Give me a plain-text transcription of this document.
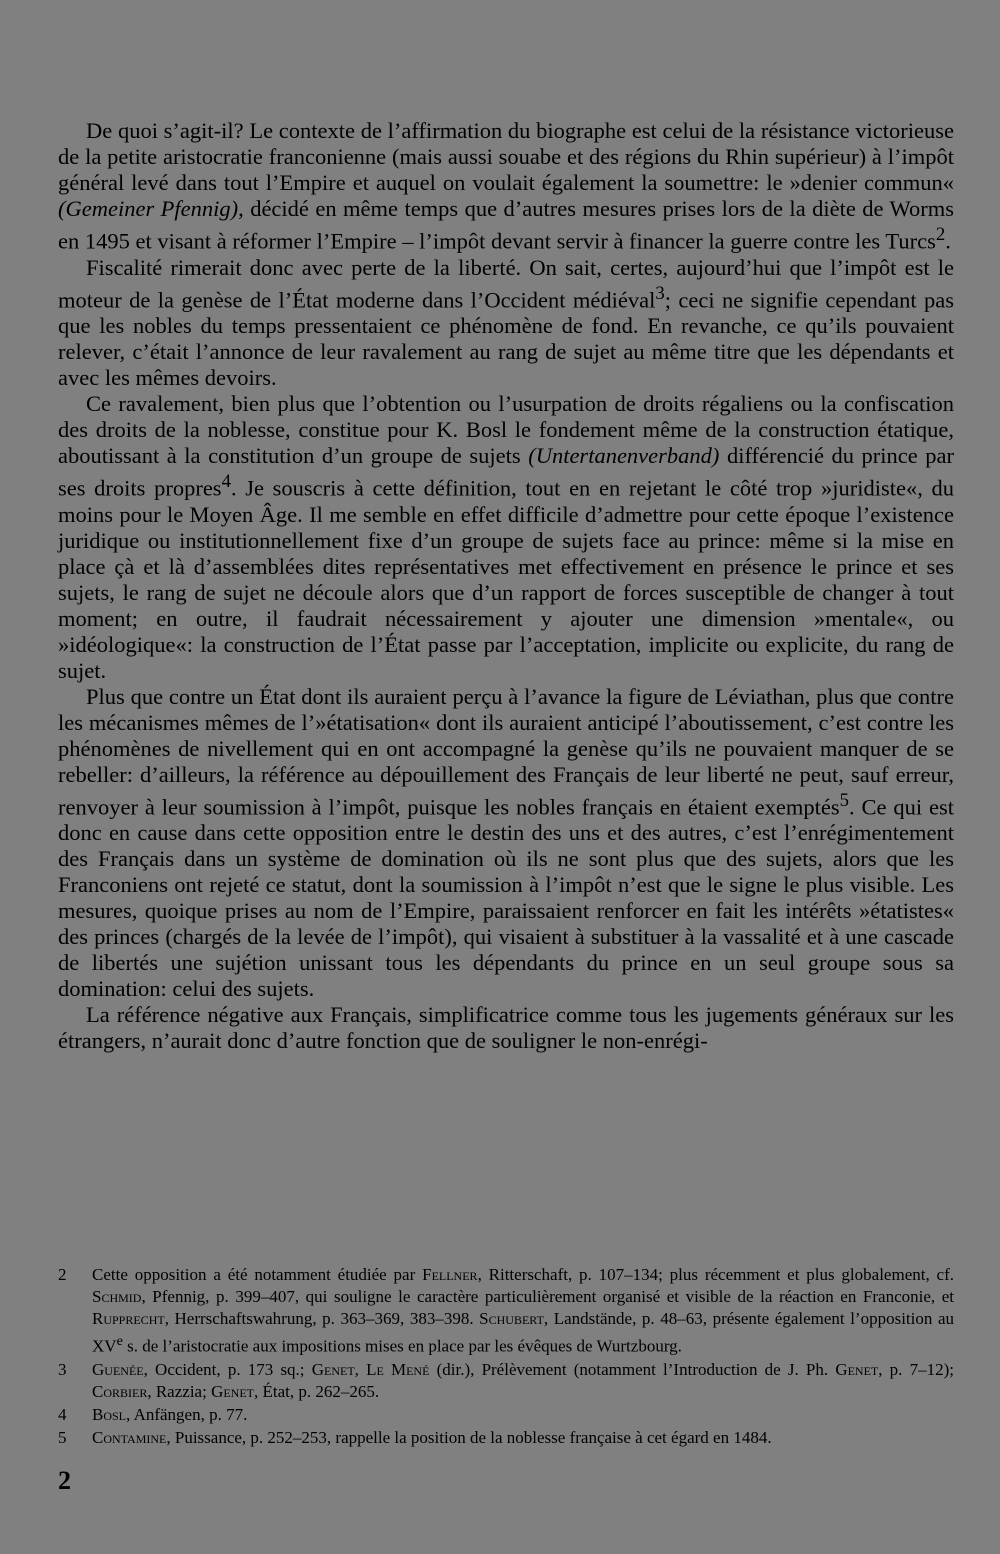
De quoi s’agit-il? Le contexte de l’affirmation du biographe est celui de la résistance victorieuse de la petite aristocratie franconienne (mais aussi souabe et des régions du Rhin supérieur) à l’impôt général levé dans tout l’Empire et auquel on voulait également la soumettre: le »denier commun« (Gemeiner Pfennig), décidé en même temps que d’autres mesures prises lors de la diète de Worms en 1495 et visant à réformer l’Empire – l’impôt devant servir à financer la guerre contre les Turcs$^2$.

Fiscalité rimerait donc avec perte de la liberté. On sait, certes, aujourd’hui que l’impôt est le moteur de la genèse de l’État moderne dans l’Occident médiéval$^3$; ceci ne signifie cependant pas que les nobles du temps pressentaient ce phénomène de fond. En revanche, ce qu’ils pouvaient relever, c’était l’annonce de leur ravalement au rang de sujet au même titre que les dépendants et avec les mêmes devoirs.

Ce ravalement, bien plus que l’obtention ou l’usurpation de droits régaliens ou la confiscation des droits de la noblesse, constitue pour K. Bosl le fondement même de la construction étatique, aboutissant à la constitution d’un groupe de sujets (Untertanenverband) différencié du prince par ses droits propres$^4$. Je souscris à cette définition, tout en en rejetant le côté trop »juridiste«, du moins pour le Moyen Âge. Il me semble en effet difficile d’admettre pour cette époque l’existence juridique ou institutionnellement fixe d’un groupe de sujets face au prince: même si la mise en place çà et là d’assemblées dites représentatives met effectivement en présence le prince et ses sujets, le rang de sujet ne découle alors que d’un rapport de forces susceptible de changer à tout moment; en outre, il faudrait nécessairement y ajouter une dimension »mentale«, ou »idéologique«: la construction de l’État passe par l’acceptation, implicite ou explicite, du rang de sujet.

Plus que contre un État dont ils auraient perçu à l’avance la figure de Léviathan, plus que contre les mécanismes mêmes de l’»étatisation« dont ils auraient anticipé l’aboutissement, c’est contre les phénomènes de nivellement qui en ont accompagné la genèse qu’ils ne pouvaient manquer de se rebeller: d’ailleurs, la référence au dépouillement des Français de leur liberté ne peut, sauf erreur, renvoyer à leur soumission à l’impôt, puisque les nobles français en étaient exemptés$^5$. Ce qui est donc en cause dans cette opposition entre le destin des uns et des autres, c’est l’enrégimentement des Français dans un système de domination où ils ne sont plus que des sujets, alors que les Franconiens ont rejeté ce statut, dont la soumission à l’impôt n’est que le signe le plus visible. Les mesures, quoique prises au nom de l’Empire, paraissaient renforcer en fait les intérêts »étatistes« des princes (chargés de la levée de l’impôt), qui visaient à substituer à la vassalité et à une cascade de libertés une sujétion unissant tous les dépendants du prince en un seul groupe sous sa domination: celui des sujets.

La référence négative aux Français, simplificatrice comme tous les jugements généraux sur les étrangers, n’aurait donc d’autre fonction que de souligner le non-enrégi-

2 Cette opposition a été notamment étudiée par Fellner, Ritterschaft, p. 107–134; plus récemment et plus globalement, cf. Schmid, Pfennig, p. 399–407, qui souligne le caractère particulièrement organisé et visible de la réaction en Franconie, et Rupprecht, Herrschaftswahrung, p. 363–369, 383–398. Schubert, Landstände, p. 48–63, présente également l’opposition au XVe s. de l’aristocratie aux impositions mises en place par les évêques de Wurtzbourg.
3 Guenée, Occident, p. 173 sq.; Genet, Le Mené (dir.), Prélèvement (notamment l’Introduction de J. Ph. Genet, p. 7–12); Corbier, Razzia; Genet, État, p. 262–265.
4 Bosl, Anfängen, p. 77.
5 Contamine, Puissance, p. 252–253, rappelle la position de la noblesse française à cet égard en 1484.
2
